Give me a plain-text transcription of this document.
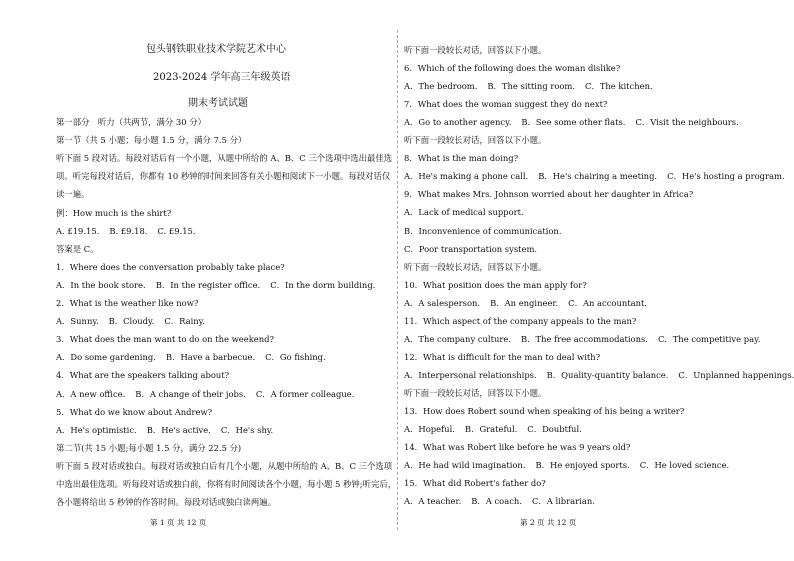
包头钢铁职业技术学院艺术中心
2023-2024 学年高三年级英语
期末考试试题
第一部分　听力（共两节，满分 30 分）
第一节（共 5 小题；每小题 1.5 分，满分 7.5 分）
听下面 5 段对话。每段对话后有一个小题，从题中所给的 A、B、C 三个选项中选出最佳选
项。听完每段对话后，你都有 10 秒钟的时间来回答有关小题和阅读下一小题。每段对话仅
读一遍。
例：How much is the shirt?
A. £19.15. B. £9.18. C. £9.15.
答案是 C。
1．Where does the conversation probably take place?
A．In the book store. B．In the register office. C．In the dorm building.
2．What is the weather like now?
A．Sunny. B．Cloudy. C．Rainy.
3．What does the man want to do on the weekend?
A．Do some gardening. B．Have a barbecue. C．Go fishing.
4．What are the speakers talking about?
A．A new office. B．A change of their jobs. C．A former colleague.
5．What do we know about Andrew?
A．He's optimistic. B．He's active. C．He's shy.
第二节(共 15 小题;每小题 1.5 分，满分 22.5 分)
听下面 5 段对话或独白。每段对话或独白后有几个小题，从题中所给的 A、B、C 三个选项
中选出最佳选项。听每段对话或独白前，你将有时间阅读各个小题，每小题 5 秒钟;听完后，
各小题将给出 5 秒钟的作答时间。每段对话或独白读两遍。
听下面一段较长对话，回答以下小题。
6．Which of the following does the woman dislike?
A．The bedroom. B．The sitting room. C．The kitchen.
7．What does the woman suggest they do next?
A．Go to another agency. B．See some other flats. C．Visit the neighbours.
听下面一段较长对话，回答以下小题。
8．What is the man doing?
A．He's making a phone call. B．He's chairing a meeting. C．He's hosting a program.
9．What makes Mrs. Johnson worried about her daughter in Africa?
A．Lack of medical support.
B．Inconvenience of communication.
C．Poor transportation system.
听下面一段较长对话，回答以下小题。
10．What position does the man apply for?
A．A salesperson. B．An engineer. C．An accountant.
11．Which aspect of the company appeals to the man?
A．The company culture. B．The free accommodations. C．The competitive pay.
12．What is difficult for the man to deal with?
A．Interpersonal relationships. B．Quality-quantity balance. C．Unplanned happenings.
听下面一段较长对话，回答以下小题。
13．How does Robert sound when speaking of his being a writer?
A．Hopeful. B．Grateful. C．Doubtful.
14．What was Robert like before he was 9 years old?
A．He had wild imagination. B．He enjoyed sports. C．He loved science.
15．What did Robert's father do?
A．A teacher. B．A coach. C．A librarian.
第 1 页 共 12 页	第 2 页 共 12 页
